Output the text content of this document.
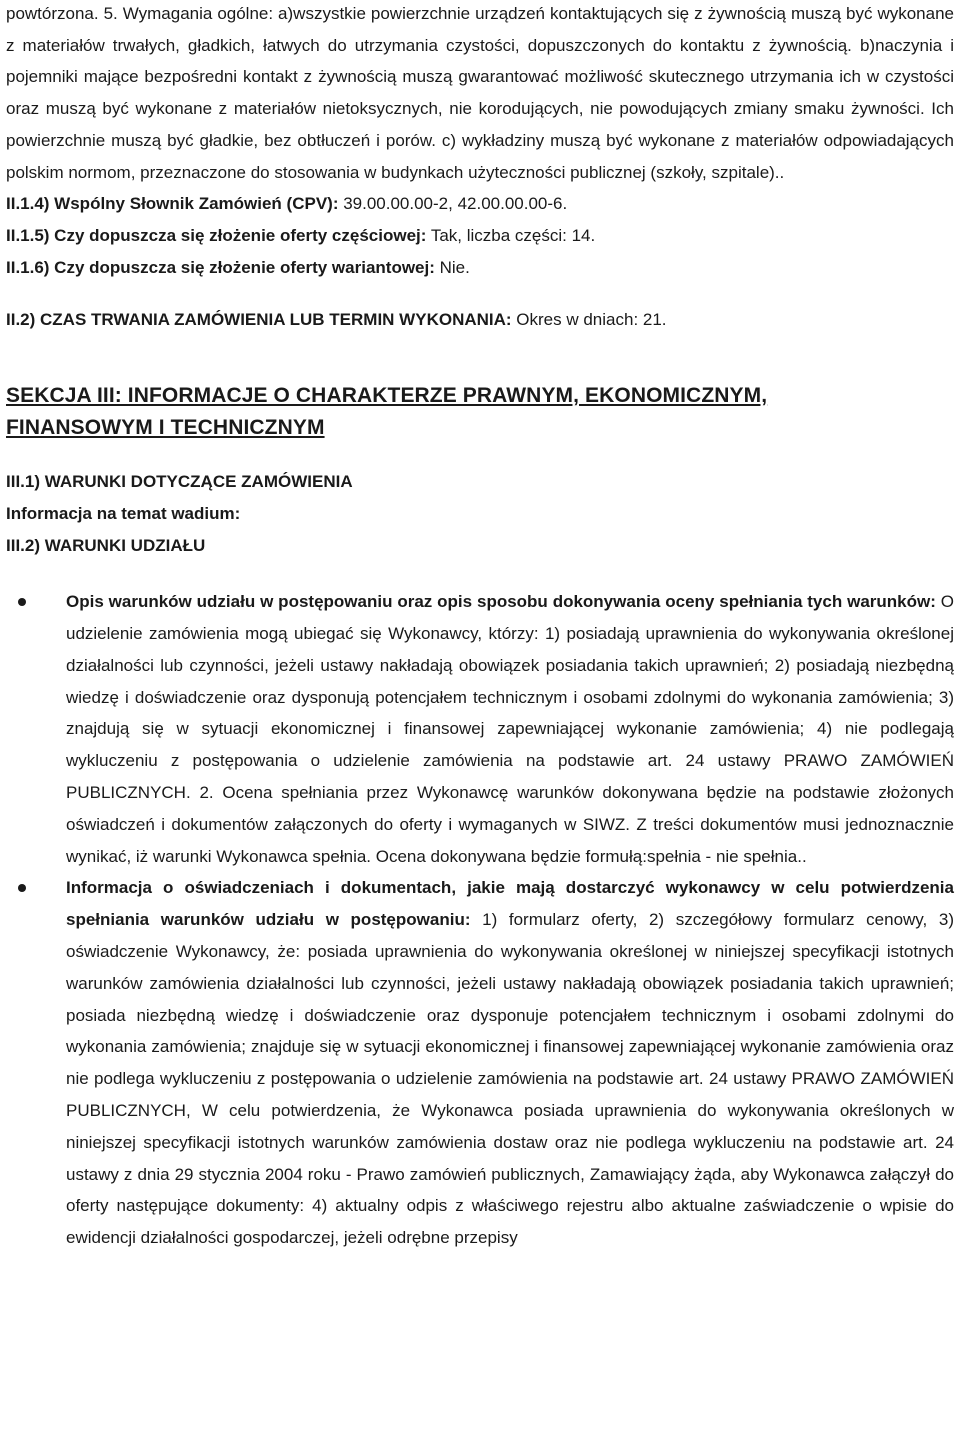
powtórzona. 5. Wymagania ogólne: a)wszystkie powierzchnie urządzeń kontaktujących się z żywnością muszą być wykonane z materiałów trwałych, gładkich, łatwych do utrzymania czystości, dopuszczonych do kontaktu z żywnością. b)naczynia i pojemniki mające bezpośredni kontakt z żywnością muszą gwarantować możliwość skutecznego utrzymania ich w czystości oraz muszą być wykonane z materiałów nietoksycznych, nie korodujących, nie powodujących zmiany smaku żywności. Ich powierzchnie muszą być gładkie, bez obtłuczeń i porów. c) wykładziny muszą być wykonane z materiałów odpowiadających polskim normom, przeznaczone do stosowania w budynkach użyteczności publicznej (szkoły, szpitale)..

II.1.4) Wspólny Słownik Zamówień (CPV): 39.00.00.00-2, 42.00.00.00-6.

II.1.5) Czy dopuszcza się złożenie oferty częściowej: Tak, liczba części: 14.

II.1.6) Czy dopuszcza się złożenie oferty wariantowej: Nie.

II.2) CZAS TRWANIA ZAMÓWIENIA LUB TERMIN WYKONANIA: Okres w dniach: 21.

SEKCJA III: INFORMACJE O CHARAKTERZE PRAWNYM, EKONOMICZNYM,
FINANSOWYM I TECHNICZNYM

III.1) WARUNKI DOTYCZĄCE ZAMÓWIENIA

Informacja na temat wadium:

III.2) WARUNKI UDZIAŁU

Opis warunków udziału w postępowaniu oraz opis sposobu dokonywania oceny spełniania tych warunków: O udzielenie zamówienia mogą ubiegać się Wykonawcy, którzy: 1) posiadają uprawnienia do wykonywania określonej działalności lub czynności, jeżeli ustawy nakładają obowiązek posiadania takich uprawnień; 2) posiadają niezbędną wiedzę i doświadczenie oraz dysponują potencjałem technicznym i osobami zdolnymi do wykonania zamówienia; 3) znajdują się w sytuacji ekonomicznej i finansowej zapewniającej wykonanie zamówienia; 4) nie podlegają wykluczeniu z postępowania o udzielenie zamówienia na podstawie art. 24 ustawy PRAWO ZAMÓWIEŃ PUBLICZNYCH. 2. Ocena spełniania przez Wykonawcę warunków dokonywana będzie na podstawie złożonych oświadczeń i dokumentów załączonych do oferty i wymaganych w SIWZ. Z treści dokumentów musi jednoznacznie wynikać, iż warunki Wykonawca spełnia. Ocena dokonywana będzie formułą:spełnia - nie spełnia..

Informacja o oświadczeniach i dokumentach, jakie mają dostarczyć wykonawcy w celu potwierdzenia spełniania warunków udziału w postępowaniu: 1) formularz oferty, 2) szczegółowy formularz cenowy, 3) oświadczenie Wykonawcy, że: posiada uprawnienia do wykonywania określonej w niniejszej specyfikacji istotnych warunków zamówienia działalności lub czynności, jeżeli ustawy nakładają obowiązek posiadania takich uprawnień; posiada niezbędną wiedzę i doświadczenie oraz dysponuje potencjałem technicznym i osobami zdolnymi do wykonania zamówienia; znajduje się w sytuacji ekonomicznej i finansowej zapewniającej wykonanie zamówienia oraz nie podlega wykluczeniu z postępowania o udzielenie zamówienia na podstawie art. 24 ustawy PRAWO ZAMÓWIEŃ PUBLICZNYCH, W celu potwierdzenia, że Wykonawca posiada uprawnienia do wykonywania określonych w niniejszej specyfikacji istotnych warunków zamówienia dostaw oraz nie podlega wykluczeniu na podstawie art. 24 ustawy z dnia 29 stycznia 2004 roku - Prawo zamówień publicznych, Zamawiający żąda, aby Wykonawca załączył do oferty następujące dokumenty: 4) aktualny odpis z właściwego rejestru albo aktualne zaświadczenie o wpisie do ewidencji działalności gospodarczej, jeżeli odrębne przepisy
